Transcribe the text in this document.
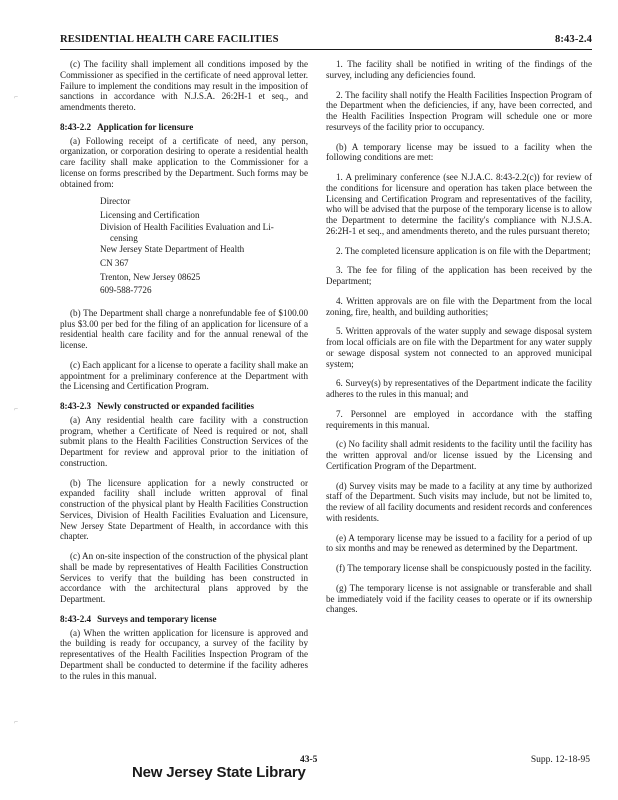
RESIDENTIAL HEALTH CARE FACILITIES	8:43-2.4
⌐
⌐
⌐

(c) The facility shall implement all conditions imposed by the Commissioner as specified in the certificate of need approval letter. Failure to implement the conditions may result in the imposition of sanctions in accordance with N.J.S.A. 26:2H-1 et seq., and amendments thereto.

8:43-2.2 Application for licensure

(a) Following receipt of a certificate of need, any person, organization, or corporation desiring to operate a residential health care facility shall make application to the Commissioner for a license on forms prescribed by the Department. Such forms may be obtained from:

Director
Licensing and Certification
Division of Health Facilities Evaluation and Li-
censing
New Jersey State Department of Health
CN 367
Trenton, New Jersey 08625
609-588-7726

(b) The Department shall charge a nonrefundable fee of $100.00 plus $3.00 per bed for the filing of an application for licensure of a residential health care facility and for the annual renewal of the license.

(c) Each applicant for a license to operate a facility shall make an appointment for a preliminary conference at the Department with the Licensing and Certification Program.

8:43-2.3 Newly constructed or expanded facilities

(a) Any residential health care facility with a construction program, whether a Certificate of Need is required or not, shall submit plans to the Health Facilities Construction Services of the Department for review and approval prior to the initiation of construction.

(b) The licensure application for a newly constructed or expanded facility shall include written approval of final construction of the physical plant by Health Facilities Construction Services, Division of Health Facilities Evaluation and Licensure, New Jersey State Department of Health, in accordance with this chapter.

(c) An on-site inspection of the construction of the physical plant shall be made by representatives of Health Facilities Construction Services to verify that the building has been constructed in accordance with the architectural plans approved by the Department.

8:43-2.4 Surveys and temporary license

(a) When the written application for licensure is approved and the building is ready for occupancy, a survey of the facility by representatives of the Health Facilities Inspection Program of the Department shall be conducted to determine if the facility adheres to the rules in this manual.

1. The facility shall be notified in writing of the findings of the survey, including any deficiencies found.

2. The facility shall notify the Health Facilities Inspection Program of the Department when the deficiencies, if any, have been corrected, and the Health Facilities Inspection Program will schedule one or more resurveys of the facility prior to occupancy.

(b) A temporary license may be issued to a facility when the following conditions are met:

1. A preliminary conference (see N.J.A.C. 8:43-2.2(c)) for review of the conditions for licensure and operation has taken place between the Licensing and Certification Program and representatives of the facility, who will be advised that the purpose of the temporary license is to allow the Department to determine the facility's compliance with N.J.S.A. 26:2H-1 et seq., and amendments thereto, and the rules pursuant thereto;

2. The completed licensure application is on file with the Department;

3. The fee for filing of the application has been received by the Department;

4. Written approvals are on file with the Department from the local zoning, fire, health, and building authorities;

5. Written approvals of the water supply and sewage disposal system from local officials are on file with the Department for any water supply or sewage disposal system not connected to an approved municipal system;

6. Survey(s) by representatives of the Department indicate the facility adheres to the rules in this manual; and

7. Personnel are employed in accordance with the staffing requirements in this manual.

(c) No facility shall admit residents to the facility until the facility has the written approval and/or license issued by the Licensing and Certification Program of the Department.

(d) Survey visits may be made to a facility at any time by authorized staff of the Department. Such visits may include, but not be limited to, the review of all facility documents and resident records and conferences with residents.

(e) A temporary license may be issued to a facility for a period of up to six months and may be renewed as determined by the Department.

(f) The temporary license shall be conspicuously posted in the facility.

(g) The temporary license is not assignable or transferable and shall be immediately void if the facility ceases to operate or if its ownership changes.

43-5	Supp. 12-18-95
New Jersey State Library
